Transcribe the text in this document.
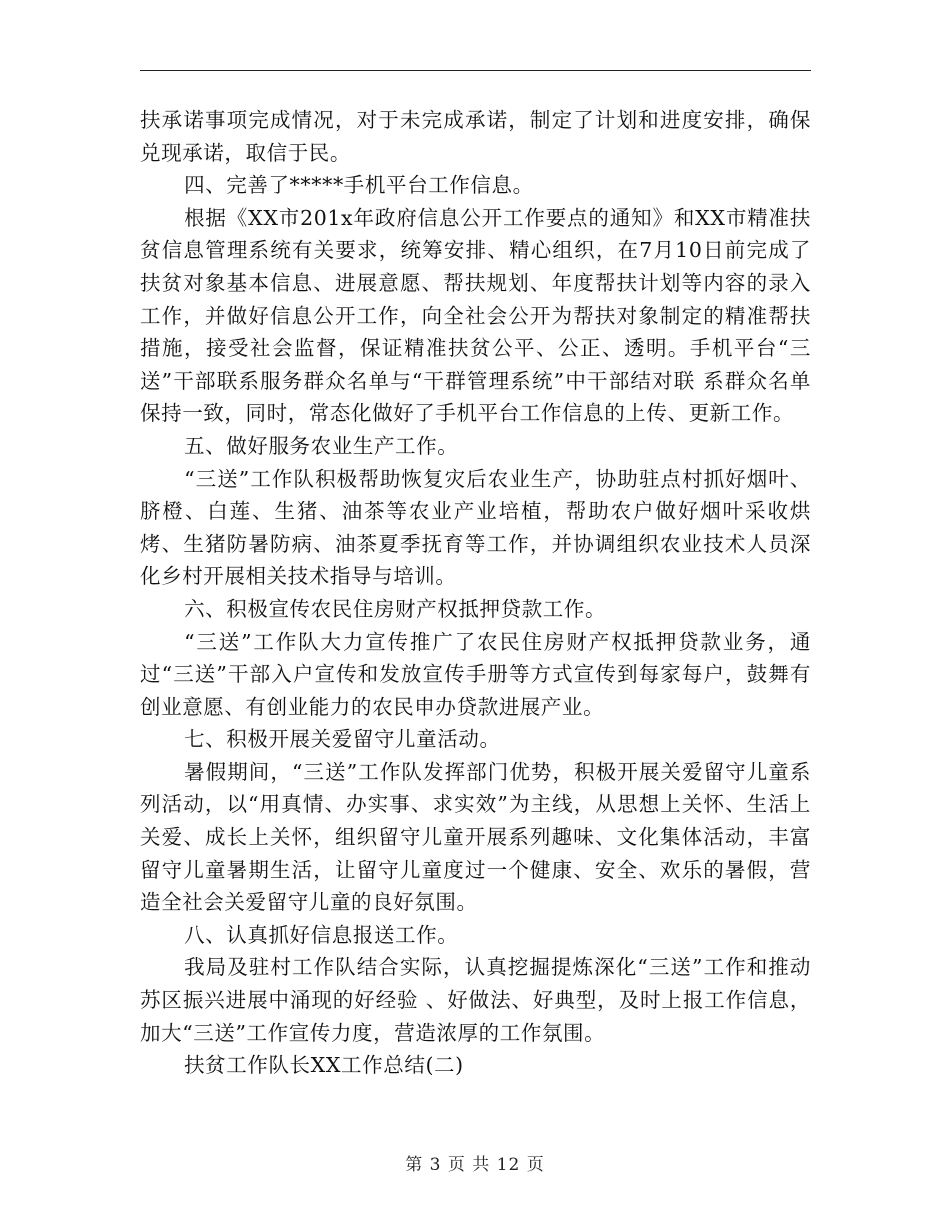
扶承诺事项完成情况，对于未完成承诺，制定了计划和进度安排，确保兑现承诺，取信于民。

四、完善了*****手机平台工作信息。

根据《XX市201x年政府信息公开工作要点的通知》和XX市精准扶贫信息管理系统有关要求，统筹安排、精心组织，在7月10日前完成了扶贫对象基本信息、进展意愿、帮扶规划、年度帮扶计划等内容的录入工作，并做好信息公开工作，向全社会公开为帮扶对象制定的精准帮扶措施，接受社会监督，保证精准扶贫公平、公正、透明。手机平台“三送”干部联系服务群众名单与“干群管理系统”中干部结对联 系群众名单保持一致，同时，常态化做好了手机平台工作信息的上传、更新工作。

五、做好服务农业生产工作。

“三送”工作队积极帮助恢复灾后农业生产，协助驻点村抓好烟叶、脐橙、白莲、生猪、油茶等农业产业培植，帮助农户做好烟叶采收烘烤、生猪防暑防病、油茶夏季抚育等工作，并协调组织农业技术人员深化乡村开展相关技术指导与培训。

六、积极宣传农民住房财产权抵押贷款工作。

“三送”工作队大力宣传推广了农民住房财产权抵押贷款业务，通过“三送”干部入户宣传和发放宣传手册等方式宣传到每家每户，鼓舞有创业意愿、有创业能力的农民申办贷款进展产业。

七、积极开展关爱留守儿童活动。

暑假期间，“三送”工作队发挥部门优势，积极开展关爱留守儿童系列活动，以“用真情、办实事、求实效”为主线，从思想上关怀、生活上关爱、成长上关怀，组织留守儿童开展系列趣味、文化集体活动，丰富留守儿童暑期生活，让留守儿童度过一个健康、安全、欢乐的暑假，营造全社会关爱留守儿童的良好氛围。

八、认真抓好信息报送工作。

我局及驻村工作队结合实际，认真挖掘提炼深化“三送”工作和推动苏区振兴进展中涌现的好经验 、好做法、好典型，及时上报工作信息，加大“三送”工作宣传力度，营造浓厚的工作氛围。

扶贫工作队长XX工作总结(二)

第 3 页 共 12 页
